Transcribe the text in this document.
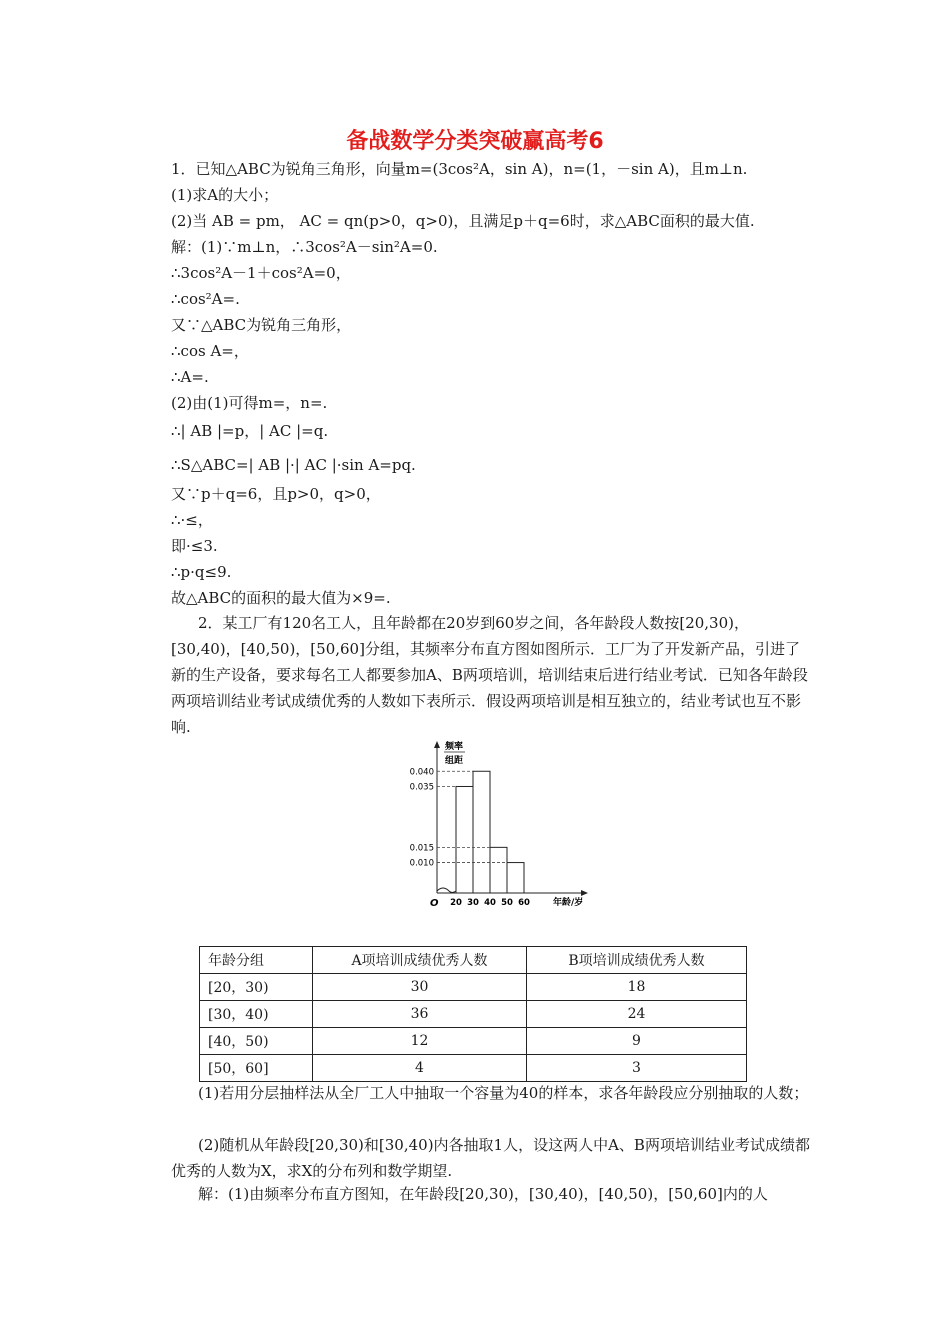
备战数学分类突破赢高考6
1．已知△ABC为锐角三角形，向量m=(3cos²A，sin A)，n=(1，－sin A)，且m⊥n.
(1)求A的大小；
(2)当 AB = pm， AC = qn(p>0，q>0)，且满足p＋q=6时，求△ABC面积的最大值.
解：(1)∵m⊥n，∴3cos²A－sin²A=0.
∴3cos²A－1＋cos²A=0，
∴cos²A=.
又∵△ABC为锐角三角形，
∴cos A=，
∴A=.
(2)由(1)可得m=，n=.
∴| AB |=p，| AC |=q.
∴S△ABC=| AB |·| AC |·sin A=pq.
又∵p＋q=6，且p>0，q>0，
∴·≤，
即·≤3.
∴p·q≤9.
故△ABC的面积的最大值为×9=.
2．某工厂有120名工人，且年龄都在20岁到60岁之间，各年龄段人数按[20,30)，[30,40)，[40,50)，[50,60]分组，其频率分布直方图如图所示．工厂为了开发新产品，引进了新的生产设备，要求每名工人都要参加A、B两项培训，培训结束后进行结业考试．已知各年龄段两项培训结业考试成绩优秀的人数如下表所示．假设两项培训是相互独立的，结业考试也互不影响.
频率
组距
0.040
0.035
0.015
0.010
20 30 40 50 60
O	年龄/岁
年龄分组	A项培训成绩优秀人数	B项培训成绩优秀人数
[20，30)	30	18
[30，40)	36	24
[40，50)	12	9
[50，60]	4	3
(1)若用分层抽样法从全厂工人中抽取一个容量为40的样本，求各年龄段应分别抽取的人数；
(2)随机从年龄段[20,30)和[30,40)内各抽取1人，设这两人中A、B两项培训结业考试成绩都优秀的人数为X，求X的分布列和数学期望.
解：(1)由频率分布直方图知，在年龄段[20,30)，[30,40)，[40,50)，[50,60]内的人
